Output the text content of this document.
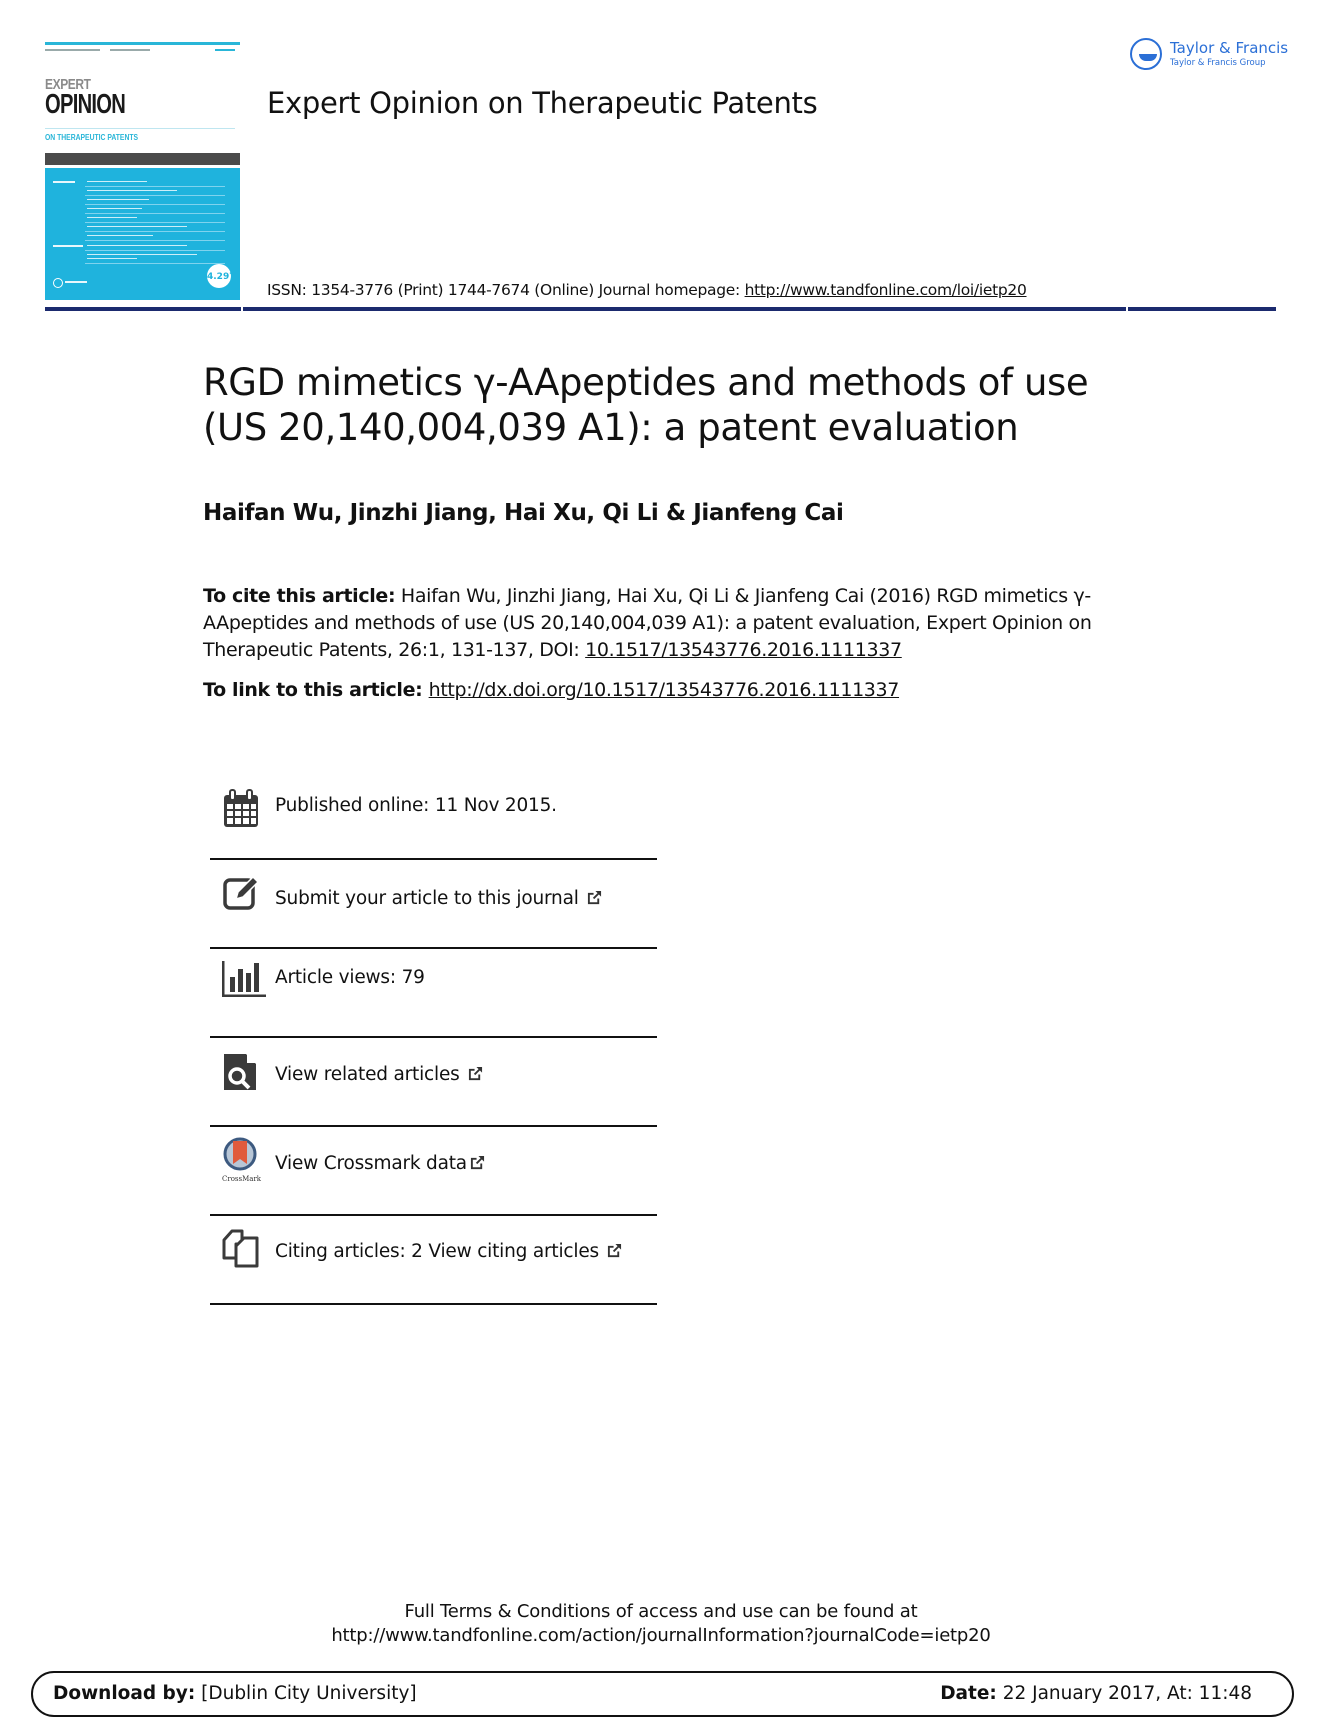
EXPERT
OPINION
ON THERAPEUTIC PATENTS
4.297
Expert Opinion on Therapeutic Patents
Taylor & Francis
Taylor & Francis Group
ISSN: 1354-3776 (Print) 1744-7674 (Online) Journal homepage: http://www.tandfonline.com/loi/ietp20
RGD mimetics γ-AApeptides and methods of use
(US 20,140,004,039 A1): a patent evaluation
Haifan Wu, Jinzhi Jiang, Hai Xu, Qi Li & Jianfeng Cai
To cite this article: Haifan Wu, Jinzhi Jiang, Hai Xu, Qi Li & Jianfeng Cai (2016) RGD mimetics γ-AApeptides and methods of use (US 20,140,004,039 A1): a patent evaluation, Expert Opinion on Therapeutic Patents, 26:1, 131-137, DOI: 10.1517/13543776.2016.1111337
To link to this article: http://dx.doi.org/10.1517/13543776.2016.1111337
Published online: 11 Nov 2015.
Submit your article to this journal
Article views: 79
View related articles
CrossMark
View Crossmark data
Citing articles: 2 View citing articles
Full Terms & Conditions of access and use can be found at
http://www.tandfonline.com/action/journalInformation?journalCode=ietp20
Download by: [Dublin City University]	Date: 22 January 2017, At: 11:48
